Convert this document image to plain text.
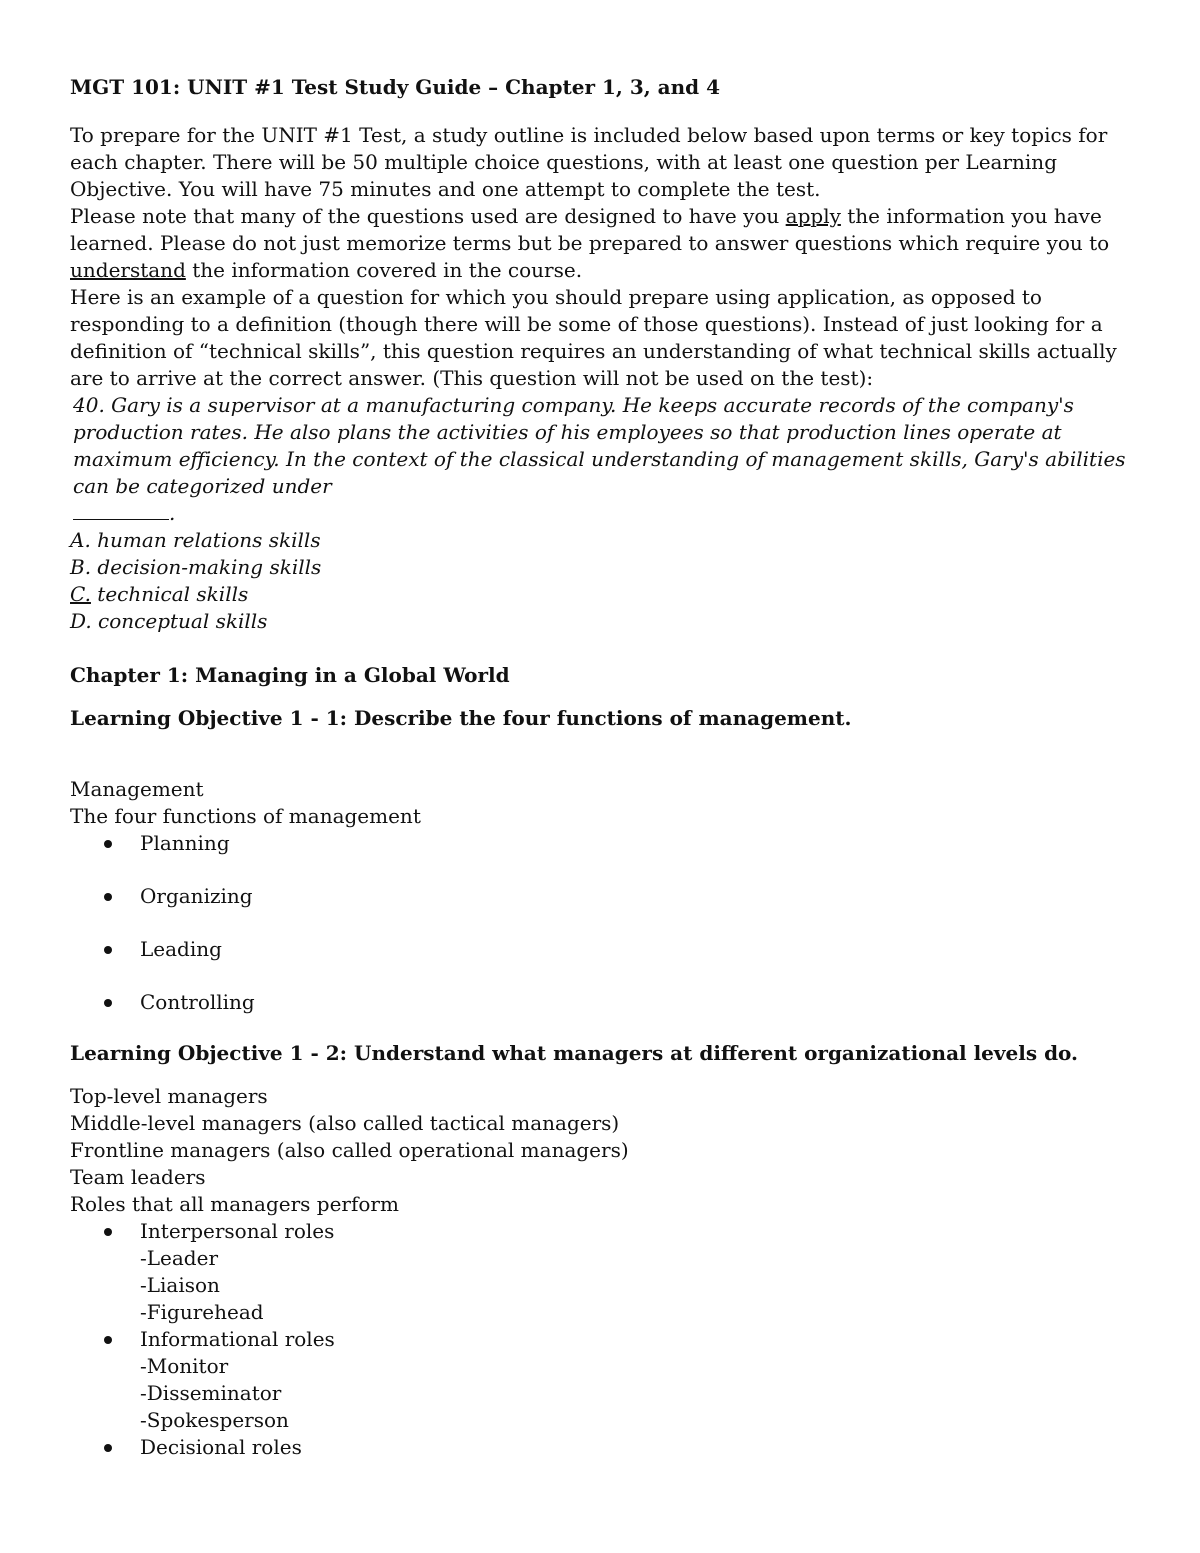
MGT 101: UNIT #1 Test Study Guide – Chapter 1, 3, and 4

To prepare for the UNIT #1 Test, a study outline is included below based upon terms or key topics for each chapter. There will be 50 multiple choice questions, with at least one question per Learning Objective. You will have 75 minutes and one attempt to complete the test.

Please note that many of the questions used are designed to have you apply the information you have learned. Please do not just memorize terms but be prepared to answer questions which require you to understand the information covered in the course.

Here is an example of a question for which you should prepare using application, as opposed to responding to a definition (though there will be some of those questions). Instead of just looking for a definition of “technical skills”, this question requires an understanding of what technical skills actually are to arrive at the correct answer. (This question will not be used on the test):

40. Gary is a supervisor at a manufacturing company. He keeps accurate records of the company's production rates. He also plans the activities of his employees so that production lines operate at maximum efficiency. In the context of the classical understanding of management skills, Gary's abilities can be categorized under
.

A. human relations skills

B. decision-making skills

C. technical skills

D. conceptual skills

Chapter 1: Managing in a Global World

Learning Objective 1 - 1: Describe the four functions of management.

Management

The four functions of management

Planning
Organizing
Leading
Controlling

Learning Objective 1 - 2: Understand what managers at different organizational levels do.

Top-level managers

Middle-level managers (also called tactical managers)

Frontline managers (also called operational managers)

Team leaders

Roles that all managers perform

Interpersonal roles

-Leader

-Liaison

-Figurehead

Informational roles

-Monitor

-Disseminator

-Spokesperson

Decisional roles
